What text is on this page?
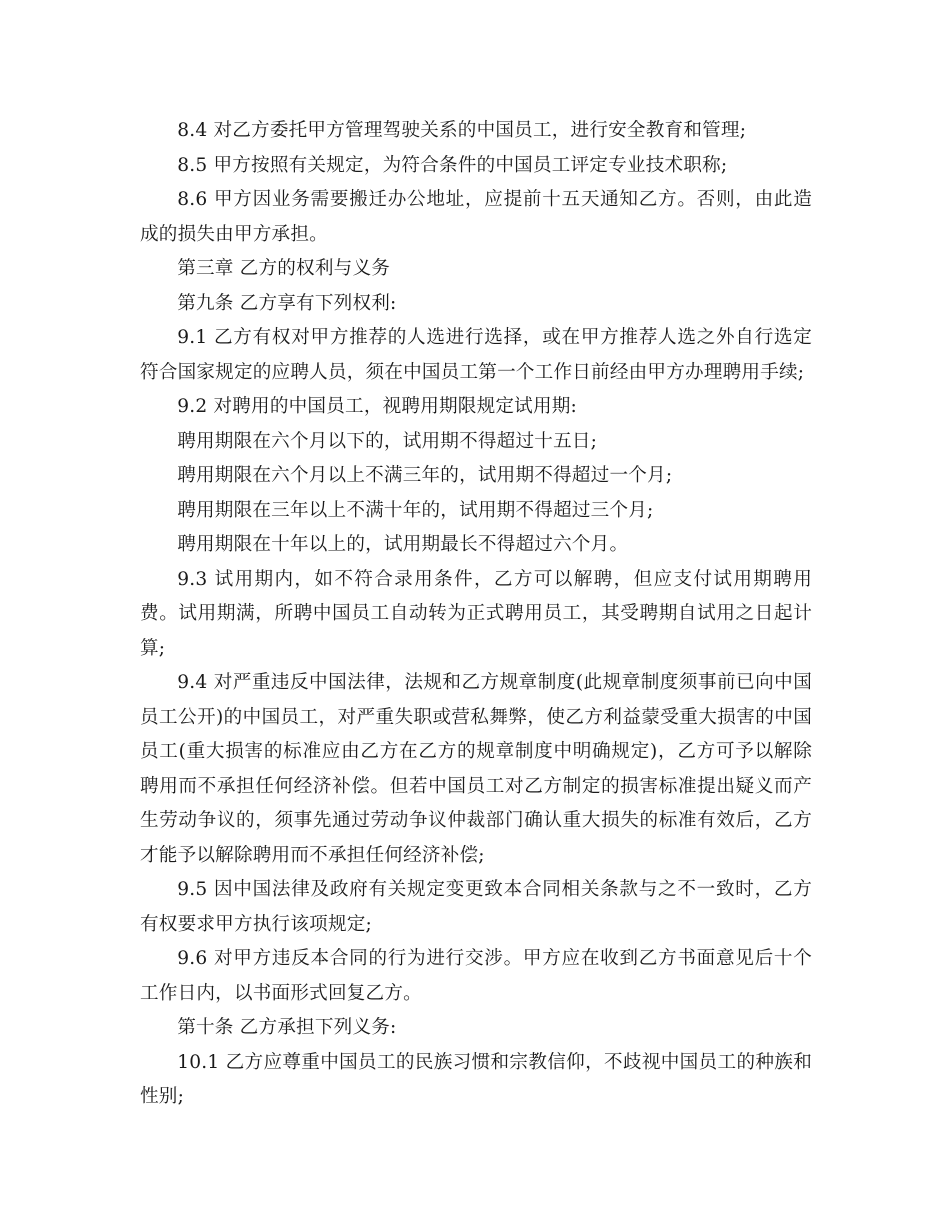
8.4 对乙方委托甲方管理驾驶关系的中国员工，进行安全教育和管理;

8.5 甲方按照有关规定，为符合条件的中国员工评定专业技术职称;

8.6 甲方因业务需要搬迁办公地址，应提前十五天通知乙方。否则，由此造成的损失由甲方承担。

第三章 乙方的权利与义务

第九条 乙方享有下列权利:

9.1 乙方有权对甲方推荐的人选进行选择，或在甲方推荐人选之外自行选定符合国家规定的应聘人员，须在中国员工第一个工作日前经由甲方办理聘用手续;

9.2 对聘用的中国员工，视聘用期限规定试用期:

聘用期限在六个月以下的，试用期不得超过十五日;

聘用期限在六个月以上不满三年的，试用期不得超过一个月;

聘用期限在三年以上不满十年的，试用期不得超过三个月;

聘用期限在十年以上的，试用期最长不得超过六个月。

9.3 试用期内，如不符合录用条件，乙方可以解聘，但应支付试用期聘用费。试用期满，所聘中国员工自动转为正式聘用员工，其受聘期自试用之日起计算;

9.4 对严重违反中国法律，法规和乙方规章制度(此规章制度须事前已向中国员工公开)的中国员工，对严重失职或营私舞弊，使乙方利益蒙受重大损害的中国员工(重大损害的标准应由乙方在乙方的规章制度中明确规定)，乙方可予以解除聘用而不承担任何经济补偿。但若中国员工对乙方制定的损害标准提出疑义而产生劳动争议的，须事先通过劳动争议仲裁部门确认重大损失的标准有效后，乙方才能予以解除聘用而不承担任何经济补偿;

9.5 因中国法律及政府有关规定变更致本合同相关条款与之不一致时，乙方有权要求甲方执行该项规定;

9.6 对甲方违反本合同的行为进行交涉。甲方应在收到乙方书面意见后十个工作日内，以书面形式回复乙方。

第十条 乙方承担下列义务:

10.1 乙方应尊重中国员工的民族习惯和宗教信仰，不歧视中国员工的种族和性别;
